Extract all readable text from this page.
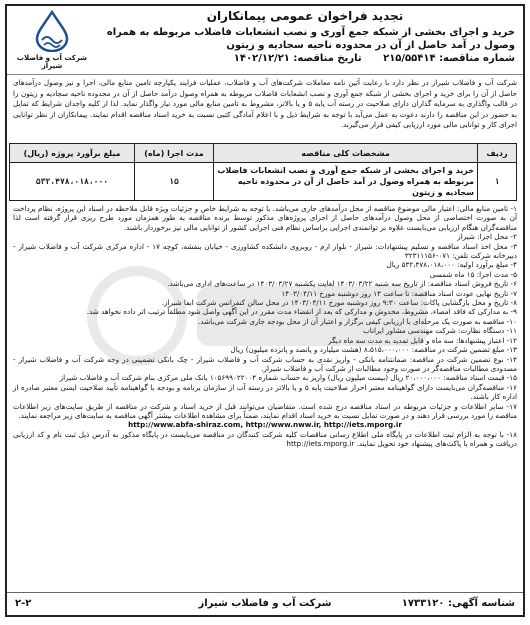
شرکت آب و فاضلاب شیراز
تجدید فراخوان عمومی پیمانکاران
خرید و اجرای بخشی از شبکه جمع آوری و نصب انشعابات فاضلاب مربوطه به همراه وصول در آمد حاصل از آن در محدوده ناحیه سجادیه و زیتون
شماره مناقصه: ۲۱۵/۵۵۴۱۴ تاریخ مناقصه: ۱۴۰۲/۱۲/۲۱
شرکت آب و فاضلاب شیراز در نظر دارد با رعایت آئین نامه معاملات شرکت‌های آب و فاضلاب، عملیات فرایند یکپارچه تامین منابع مالی، اجرا و نیز وصول درآمدهای حاصل از آن را برای خرید و اجرای بخشی از شبکه جمع آوری و نصب انشعابات فاضلاب مربوطه به همراه وصول درآمد حاصل از آن در محدوده ناحیه سجادیه و زیتون را در قالب واگذاری به سرمایه گذاران دارای صلاحیت در رسته آب پایه ۵ و یا بالاتر، مشروط به تامین منابع مالی مورد نیاز واگذار نماید. لذا از کلیه واجدان شرایط که تمایل به حضور در این مناقصه را دارند دعوت به عمل می‌آید با توجه به شرایط ذیل و با اعلام آمادگی کتبی نسبت به خرید اسناد مناقصه اقدام نمایند. پیمانکاران از نظر توانایی اجرای کار و توانایی مالی مورد ارزیابی کیفی قرار می‌گیرند.
ردیف	مشخصات کلی مناقصه	مدت اجرا (ماه)	مبلغ برآورد پروژه (ریال)
۱	خرید و اجرای بخشی از شبکه جمع آوری و نصب انشعابات فاضلاب مربوطه به همراه وصول در آمد حاصل از آن در محدوده ناحیه سجادیه و زیتون	۱۵	۵۳۲،۴۷۸،۰۱۸،۰۰۰

۱- تامین منابع مالی: اعتبار مالی موضوع مناقصه از محل درآمدهای جاری می‌باشد. با توجه به شرایط خاص و جزئیات ویژه قابل ملاحظه در اسناد این پروژه، نظام پرداخت آن به صورت اختصاصی از محل وصول درآمدهای حاصل از اجرای پروژه‌های مذکور توسط برنده مناقصه به طور همزمان مورد طرح ریزی قرار گرفته است لذا مناقصه‌گران هنگام ارزیابی می‌بایست علاوه بر توانمندی اجرایی براساس نظام فنی اجرایی کشور از توانایی مالی نیز برخوردار باشند.

۲- محل اجرا: شیراز

۳- محل اخذ اسناد مناقصه و تسلیم پیشنهادات: شیراز - بلوار ارم - روبروی دانشکده کشاورزی - خیابان بنفشه، کوچه ۱۷ - اداره مرکزی شرکت آب و فاضلاب شیراز - دبیرخانه شرکت تلفن: ۰۷۱-۳۲۳۱۱۱۵۶

۴- مبلغ برآورد اولیه: ۵۳۲،۴۷۸،۰۱۸،۰۰۰ ریال

۵- مدت اجرا: ۱۵ ماه شمسی

۶- تاریخ فروش اسناد مناقصه: از تاریخ سه شنبه ۱۴۰۳/۰۳/۲۲ لغایت یکشنبه ۱۴۰۳/۰۳/۲۷ در ساعت‌های اداری می‌باشد.

۷- تاریخ نهایی عودت اسناد مناقصه: تا ساعت ۱۴ روز دوشنبه مورخ ۱۴۰۳/۰۴/۱۱

۸- تاریخ و محل بازگشایی پاکات: ساعت ۹:۳۰ روز دوشنبه مورخ ۱۴۰۳/۰۴/۱۱ در محل سالن کنفرانس شرکت ابفا شیراز.

۹- به مدارکی که فاقد امضاء، مشروط، مخدوش و مدارکی که بعد از انقضاء مدت مقرر در این آگهی واصل شود مطلقاً ترتیب اثر داده نخواهد شد.

۱۰- مناقصه به صورت یک مرحله‌ای با ارزیابی کیفی برگزار و اعتبار آن از محل بودجه جاری شرکت می‌باشد.

۱۱- دستگاه نظارت: شرکت مهندسی مشاور ایراناب

۱۲- اعتبار پیشنهادها: سه ماه و قابل تمدید به مدت سه ماه دیگر

۱۳- مبلغ تضمین شرکت در مناقصه: ۸،۵۱۵،۰۰۰،۰۰۰ (هشت میلیارد و پانصد و پانزده میلیون) ریال

۱۴- نوع تضمین شرکت در مناقصه: ضمانتنامه بانکی - واریز نقدی به حساب شرکت آب و فاضلاب شیراز - چک بانکی تضمینی در وجه شرکت آب و فاضلاب شیراز - مسدودی مطالبات مناقصه‌گر در صورت وجود مطالبات از شرکت آب و فاضلاب شیراز.

۱۵- قیمت اسناد مناقصه: ۲۰،۰۰۰،۰۰۰ ریال (بیست میلیون ریال) واریز به حساب شماره ۱۰۵۶۹۹۰۲۲۰۰۴ بانک ملی مرکزی بنام شرکت آب و فاضلاب شیراز

۱۶- مناقصه‌گران می‌بایست دارای گواهینامه معتبر احراز صلاحیت پایه ۵ و یا بالاتر در رسته آب از سازمان برنامه و بودجه با گواهینامه تأیید صلاحیت ایمنی معتبر صادره از اداره کار باشند.

۱۷- سایر اطلاعات و جزئیات مربوطه در اسناد مناقصه درج شده است. متقاضیان می‌توانند قبل از خرید اسناد و شرکت در مناقصه از طریق سایت‌های زیر اطلاعات مناقصه را مورد بررسی قرار دهند و در صورت تمایل نسبت به خرید اسناد اقدام نمایند، ضمناً برای مشاهده اطلاعات بیشتر آگهی مناقصه به سایت‌های زیر مراجعه نمایند.

http://www.abfa-shiraz.com, http://www.nww.ir, http://iets.mporg.ir

۱۸- با توجه به الزام ثبت اطلاعات در پایگاه ملی اطلاع رسانی مناقصات کلیه شرکت کنندگان در مناقصه می‌بایست در پایگاه مذکور به آدرس ذیل ثبت نام و کد ارزیابی دریافت و همراه با پاکت‌های پیشنهاد خود تحویل نمایند. http://iets.mporg.ir

شناسه آگهی: ۱۷۳۳۱۲۰
شرکت آب و فاضلاب شیراز
۲-۲
